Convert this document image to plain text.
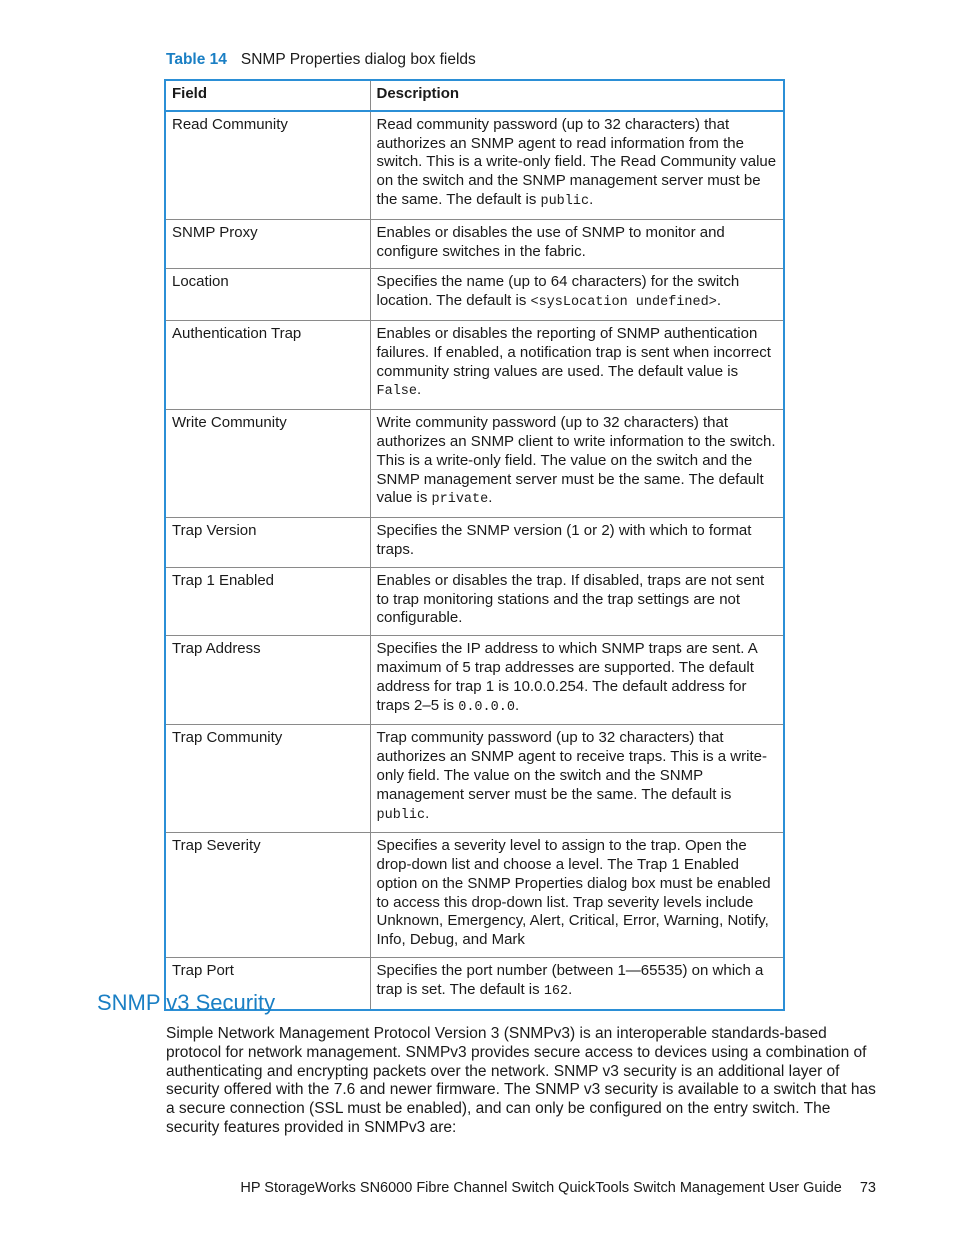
Table 14 SNMP Properties dialog box fields
Field	Description
Read Community	Read community password (up to 32 characters) that authorizes an SNMP agent to read information from the switch. This is a write-only field. The Read Community value on the switch and the SNMP management server must be the same. The default is public.
SNMP Proxy	Enables or disables the use of SNMP to monitor and configure switches in the fabric.
Location	Specifies the name (up to 64 characters) for the switch location. The default is <sysLocation undefined>.
Authentication Trap	Enables or disables the reporting of SNMP authentication failures. If enabled, a notification trap is sent when incorrect community string values are used. The default value is False.
Write Community	Write community password (up to 32 characters) that authorizes an SNMP client to write information to the switch. This is a write-only field. The value on the switch and the SNMP management server must be the same. The default value is private.
Trap Version	Specifies the SNMP version (1 or 2) with which to format traps.
Trap 1 Enabled	Enables or disables the trap. If disabled, traps are not sent to trap monitoring stations and the trap settings are not configurable.
Trap Address	Specifies the IP address to which SNMP traps are sent. A maximum of 5 trap addresses are supported. The default address for trap 1 is 10.0.0.254. The default address for traps 2–5 is 0.0.0.0.
Trap Community	Trap community password (up to 32 characters) that authorizes an SNMP agent to receive traps. This is a write-only field. The value on the switch and the SNMP management server must be the same. The default is public.
Trap Severity	Specifies a severity level to assign to the trap. Open the drop-down list and choose a level. The Trap 1 Enabled option on the SNMP Properties dialog box must be enabled to access this drop-down list. Trap severity levels include Unknown, Emergency, Alert, Critical, Error, Warning, Notify, Info, Debug, and Mark
Trap Port	Specifies the port number (between 1—65535) on which a trap is set. The default is 162.
SNMP v3 Security

Simple Network Management Protocol Version 3 (SNMPv3) is an interoperable standards-based protocol for network management. SNMPv3 provides secure access to devices using a combination of authenticating and encrypting packets over the network. SNMP v3 security is an additional layer of security offered with the 7.6 and newer firmware. The SNMP v3 security is available to a switch that has a secure connection (SSL must be enabled), and can only be configured on the entry switch. The security features provided in SNMPv3 are:

HP StorageWorks SN6000 Fibre Channel Switch QuickTools Switch Management User Guide 73
